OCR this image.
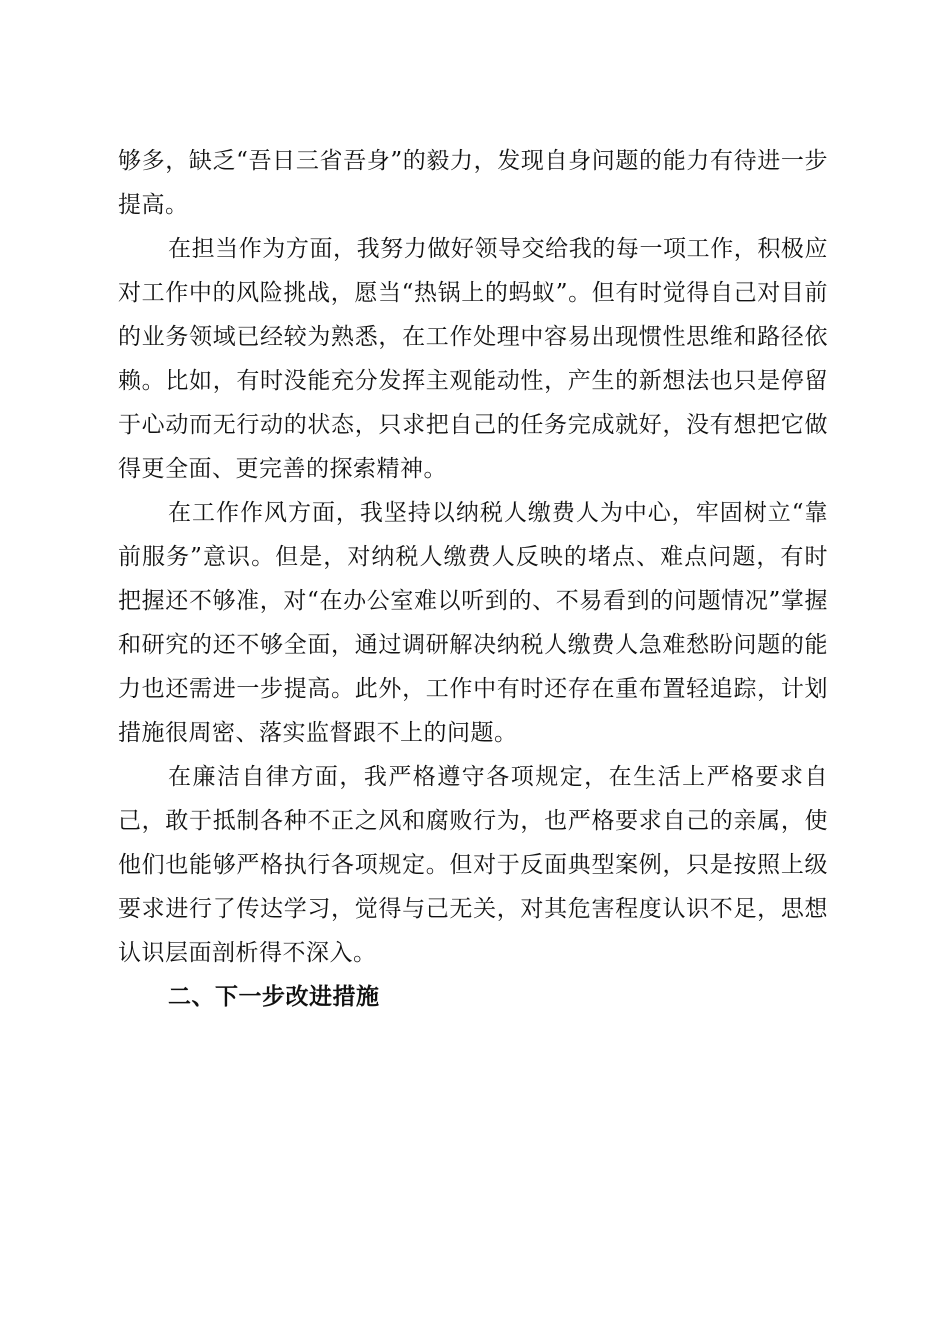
够多，缺乏“吾日三省吾身”的毅力，发现自身问题的能力有待进一步提高。

在担当作为方面，我努力做好领导交给我的每一项工作，积极应对工作中的风险挑战，愿当“热锅上的蚂蚁”。但有时觉得自己对目前的业务领域已经较为熟悉，在工作处理中容易出现惯性思维和路径依赖。比如，有时没能充分发挥主观能动性，产生的新想法也只是停留于心动而无行动的状态，只求把自己的任务完成就好，没有想把它做得更全面、更完善的探索精神。

在工作作风方面，我坚持以纳税人缴费人为中心，牢固树立“靠前服务”意识。但是，对纳税人缴费人反映的堵点、难点问题，有时把握还不够准，对“在办公室难以听到的、不易看到的问题情况”掌握和研究的还不够全面，通过调研解决纳税人缴费人急难愁盼问题的能力也还需进一步提高。此外，工作中有时还存在重布置轻追踪，计划措施很周密、落实监督跟不上的问题。

在廉洁自律方面，我严格遵守各项规定，在生活上严格要求自己，敢于抵制各种不正之风和腐败行为，也严格要求自己的亲属，使他们也能够严格执行各项规定。但对于反面典型案例，只是按照上级要求进行了传达学习，觉得与己无关，对其危害程度认识不足，思想认识层面剖析得不深入。

二、下一步改进措施
